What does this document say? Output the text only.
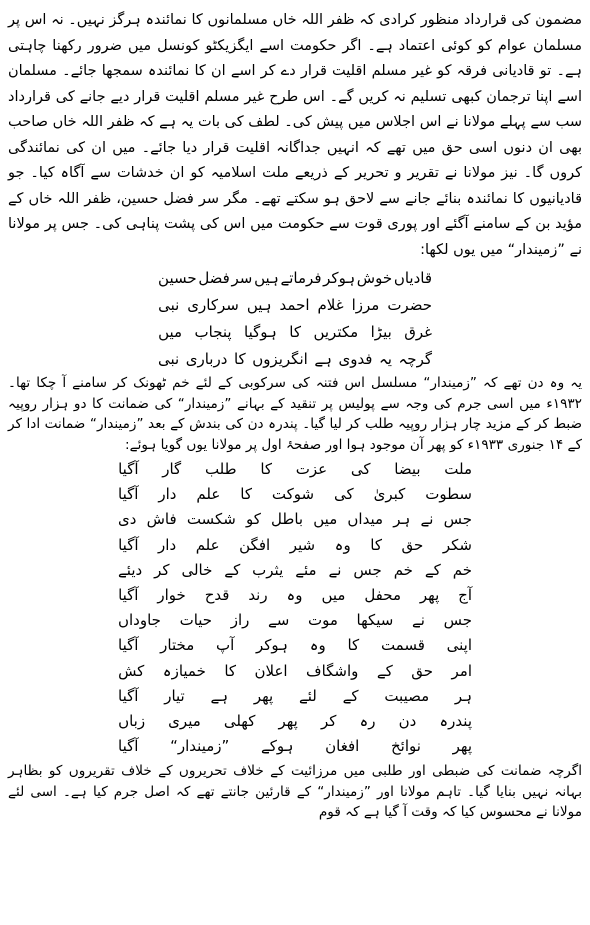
مضمون کی قرارداد منظور کرادی کہ ظفر اللہ خاں مسلمانوں کا نمائندہ ہرگز نہیں۔ نہ اس پر مسلمان عوام کو کوئی اعتماد ہے۔ اگر حکومت اسے ایگزیکٹو کونسل میں ضرور رکھنا چاہتی ہے۔ تو قادیانی فرقہ کو غیر مسلم اقلیت قرار دے کر اسے ان کا نمائندہ سمجھا جائے۔ مسلمان اسے اپنا ترجمان کبھی تسلیم نہ کریں گے۔ اس طرح غیر مسلم اقلیت قرار دیے جانے کی قرارداد سب سے پہلے مولانا نے اس اجلاس میں پیش کی۔ لطف کی بات یہ ہے کہ ظفر اللہ خاں صاحب بھی ان دنوں اسی حق میں تھے کہ انہیں جداگانہ اقلیت قرار دیا جائے۔ میں ان کی نمائندگی کروں گا۔ نیز مولانا نے تقریر و تحریر کے ذریعے ملت اسلامیہ کو ان خدشات سے آگاہ کیا۔ جو قادیانیوں کا نمائندہ بنائے جانے سے لاحق ہو سکتے تھے۔ مگر سر فضل حسین، ظفر اللہ خاں کے مؤید بن کے سامنے آگئے اور پوری قوت سے حکومت میں اس کی پشت پناہی کی۔ جس پر مولانا نے ”زمیندار“ میں یوں لکھا:

قادیاں
خوش
ہوکر
فرماتے
ہیں
سر
فضل
حسین
حضرت
مرزا
غلام
احمد
ہیں
سرکاری
نبی
غرق
بیڑا
مکتریں
کا
ہوگیا
پنجاب
میں
گرچہ
یہ
فدوی
ہے
انگریزوں
کا
درباری
نبی

یہ وہ دن تھے کہ ”زمیندار“ مسلسل اس فتنہ کی سرکوبی کے لئے خم ٹھونک کر سامنے آ چکا تھا۔ ۱۹۳۲ء میں اسی جرم کی وجہ سے پولیس پر تنقید کے بہانے ”زمیندار“ کی ضمانت کا دو ہزار روپیہ ضبط کر کے مزید چار ہزار روپیہ طلب کر لیا گیا۔ پندرہ دن کی بندش کے بعد ”زمیندار“ ضمانت ادا کر کے ۱۴ جنوری ۱۹۳۳ء کو پھر آن موجود ہوا اور صفحۂ اول پر مولانا یوں گویا ہوئے:

ملت
بیضا
کی
عزت
کا
طلب
گار
آگیا
سطوت
کبریٰ
کی
شوکت
کا
علم
دار
آگیا
جس
نے
ہر
میداں
میں
باطل
کو
شکست
فاش
دی
شکر
حق
کا
وہ
شیر
افگن
علم
دار
آگیا
خم
کے
خم
جس
نے
مئے
یثرب
کے
خالی
کر
دیئے
آج
پھر
محفل
میں
وہ
رند
قدح
خوار
آگیا
جس
نے
سیکھا
موت
سے
راز
حیات
جاوداں
اپنی
قسمت
کا
وہ
ہوکر
آپ
مختار
آگیا
امر
حق
کے
واشگاف
اعلان
کا
خمیازہ
کش
ہر
مصیبت
کے
لئے
پھر
ہے
تیار
آگیا
پندرہ
دن
رہ
کر
پھر
کھلی
میری
زباں
پھر
نوائخ
افغان
ہوکے
”زمیندار“
آگیا

اگرچہ ضمانت کی ضبطی اور طلبی میں مرزائیت کے خلاف تحریروں کے خلاف تقریروں کو بظاہر بہانہ نہیں بنایا گیا۔ تاہم مولانا اور ”زمیندار“ کے قارئین جانتے تھے کہ اصل جرم کیا ہے۔ اسی لئے مولانا نے محسوس کیا کہ وقت آ گیا ہے کہ قوم
